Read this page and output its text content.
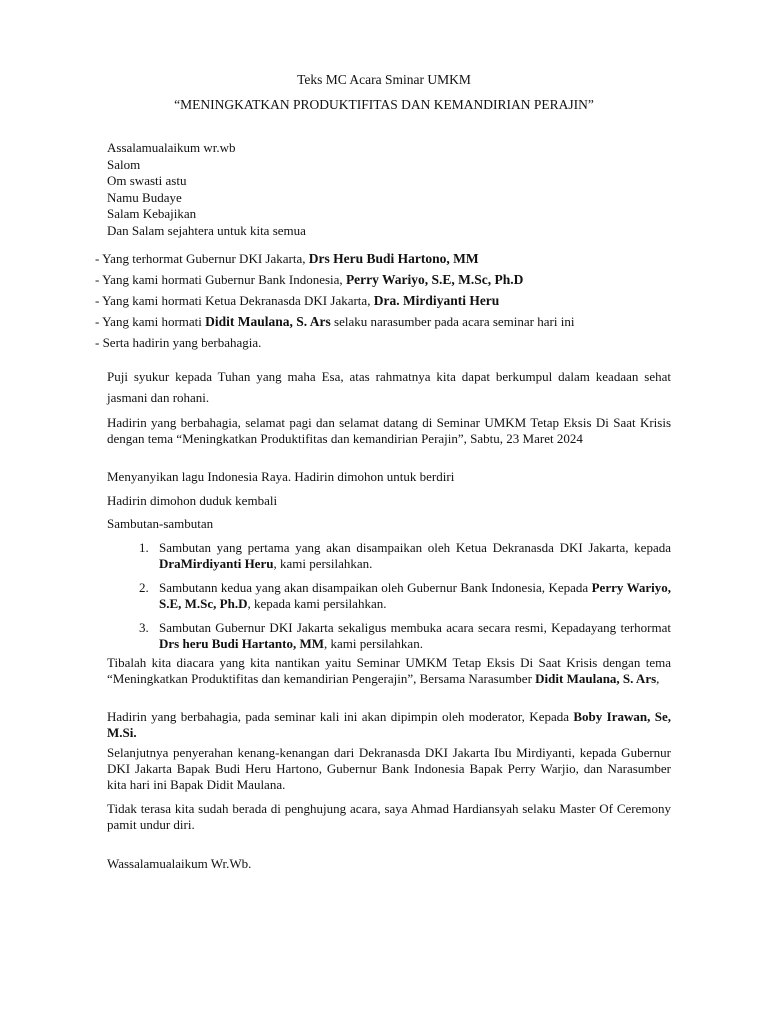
Teks MC Acara Sminar UMKM
“MENINGKATKAN PRODUKTIFITAS DAN KEMANDIRIAN PERAJIN”
Assalamualaikum wr.wb
Salom
Om swasti astu
Namu Budaye
Salam Kebajikan
Dan Salam sejahtera untuk kita semua
- Yang terhormat Gubernur DKI Jakarta, Drs Heru Budi Hartono, MM
- Yang kami hormati Gubernur Bank Indonesia, Perry Wariyo, S.E, M.Sc, Ph.D
- Yang kami hormati Ketua Dekranasda DKI Jakarta, Dra. Mirdiyanti Heru
- Yang kami hormati Didit Maulana, S. Ars selaku narasumber pada acara seminar hari ini
- Serta hadirin yang berbahagia.
Puji syukur kepada Tuhan yang maha Esa, atas rahmatnya kita dapat berkumpul dalam keadaan sehat jasmani dan rohani.
Hadirin yang berbahagia, selamat pagi dan selamat datang di Seminar UMKM Tetap Eksis Di Saat Krisis dengan tema “Meningkatkan Produktifitas dan kemandirian Perajin”, Sabtu, 23 Maret 2024
Menyanyikan lagu Indonesia Raya. Hadirin dimohon untuk berdiri
Hadirin dimohon duduk kembali
Sambutan-sambutan
1. Sambutan yang pertama yang akan disampaikan oleh Ketua Dekranasda DKI Jakarta, kepada DraMirdiyanti Heru, kami persilahkan.
2. Sambutann kedua yang akan disampaikan oleh Gubernur Bank Indonesia, Kepada Perry Wariyo, S.E, M.Sc, Ph.D, kepada kami persilahkan.
3. Sambutan Gubernur DKI Jakarta sekaligus membuka acara secara resmi, Kepadayang terhormat Drs heru Budi Hartanto, MM, kami persilahkan.
Tibalah kita diacara yang kita nantikan yaitu Seminar UMKM Tetap Eksis Di Saat Krisis dengan tema “Meningkatkan Produktifitas dan kemandirian Pengerajin”, Bersama Narasumber Didit Maulana, S. Ars,
Hadirin yang berbahagia, pada seminar kali ini akan dipimpin oleh moderator, Kepada Boby Irawan, Se, M.Si.
Selanjutnya penyerahan kenang-kenangan dari Dekranasda DKI Jakarta Ibu Mirdiyanti, kepada Gubernur DKI Jakarta Bapak Budi Heru Hartono, Gubernur Bank Indonesia Bapak Perry Warjio, dan Narasumber kita hari ini Bapak Didit Maulana.
Tidak terasa kita sudah berada di penghujung acara, saya Ahmad Hardiansyah selaku Master Of Ceremony pamit undur diri.
Wassalamualaikum Wr.Wb.
